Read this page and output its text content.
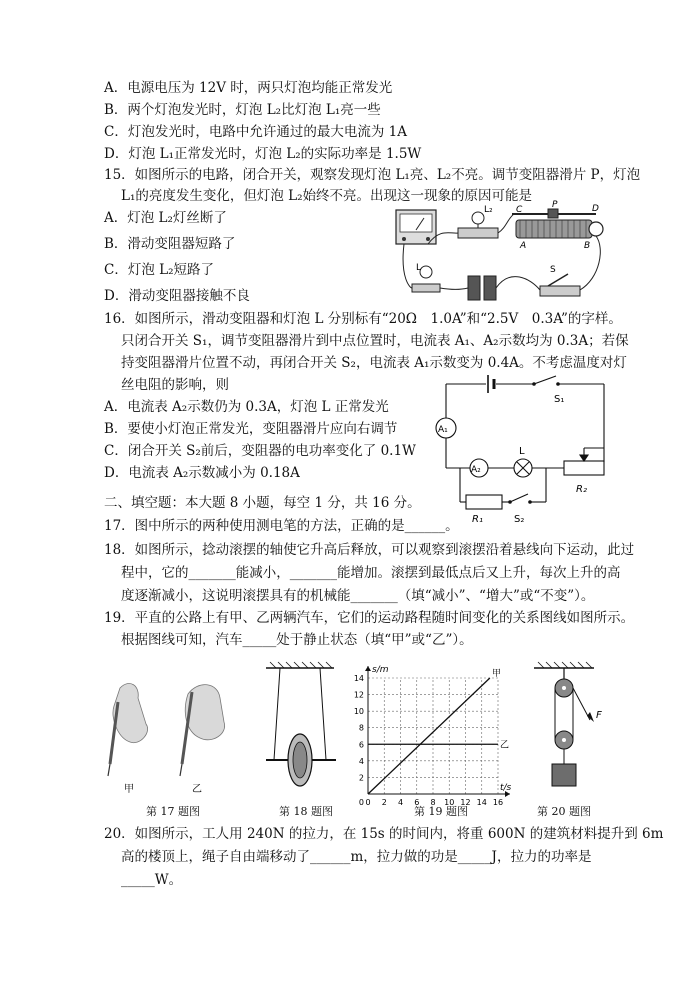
A．电源电压为 12V 时，两只灯泡均能正常发光
B．两个灯泡发光时，灯泡 L₂比灯泡 L₁亮一些
C．灯泡发光时，电路中允许通过的最大电流为 1A
D．灯泡 L₁正常发光时，灯泡 L₂的实际功率是 1.5W
15．如图所示的电路，闭合开关，观察发现灯泡 L₁亮、L₂不亮。调节变阻器滑片 P，灯泡
L₁的亮度发生变化，但灯泡 L₂始终不亮。出现这一现象的原因可能是
A．灯泡 L₂灯丝断了
B．滑动变阻器短路了
C．灯泡 L₂短路了
D．滑动变阻器接触不良
L₂
L
C	P	D
A	B
S
16．如图所示，滑动变阻器和灯泡 L 分别标有“20Ω　1.0A”和“2.5V　0.3A”的字样。
只闭合开关 S₁，调节变阻器滑片到中点位置时，电流表 A₁、A₂示数均为 0.3A；若保
持变阻器滑片位置不动，再闭合开关 S₂，电流表 A₁示数变为 0.4A。不考虑温度对灯
丝电阻的影响，则
A．电流表 A₂示数仍为 0.3A，灯泡 L 正常发光
B．要使小灯泡正常发光，变阻器滑片应向右调节
C．闭合开关 S₂前后，变阻器的电功率变化了 0.1W
D．电流表 A₂示数减小为 0.18A
A₁
A₂
L
S₁
S₂
R₁
R₂
二、填空题：本大题 8 小题，每空 1 分，共 16 分。
17．图中所示的两种使用测电笔的方法，正确的是______。
18．如图所示，捻动滚摆的轴使它升高后释放，可以观察到滚摆沿着悬线向下运动，此过
程中，它的_______能减小，_______能增加。滚摆到最低点后又上升，每次上升的高
度逐渐减小，这说明滚摆具有的机械能_______（填“减小”、“增大”或“不变”）。
19．平直的公路上有甲、乙两辆汽车，它们的运动路程随时间变化的关系图线如图所示。
根据图线可知，汽车_____处于静止状态（填“甲”或“乙”）。
甲	乙
第 17 题图	第 18 题图
甲
乙
0 2 4 6 8 10 12 14 16
2
4
6
8
10
12
14
t/s
s/m
0
第 19 题图
F
第 20 题图
20．如图所示，工人用 240N 的拉力，在 15s 的时间内，将重 600N 的建筑材料提升到 6m
高的楼顶上，绳子自由端移动了______m，拉力做的功是_____J，拉力的功率是
_____W。
